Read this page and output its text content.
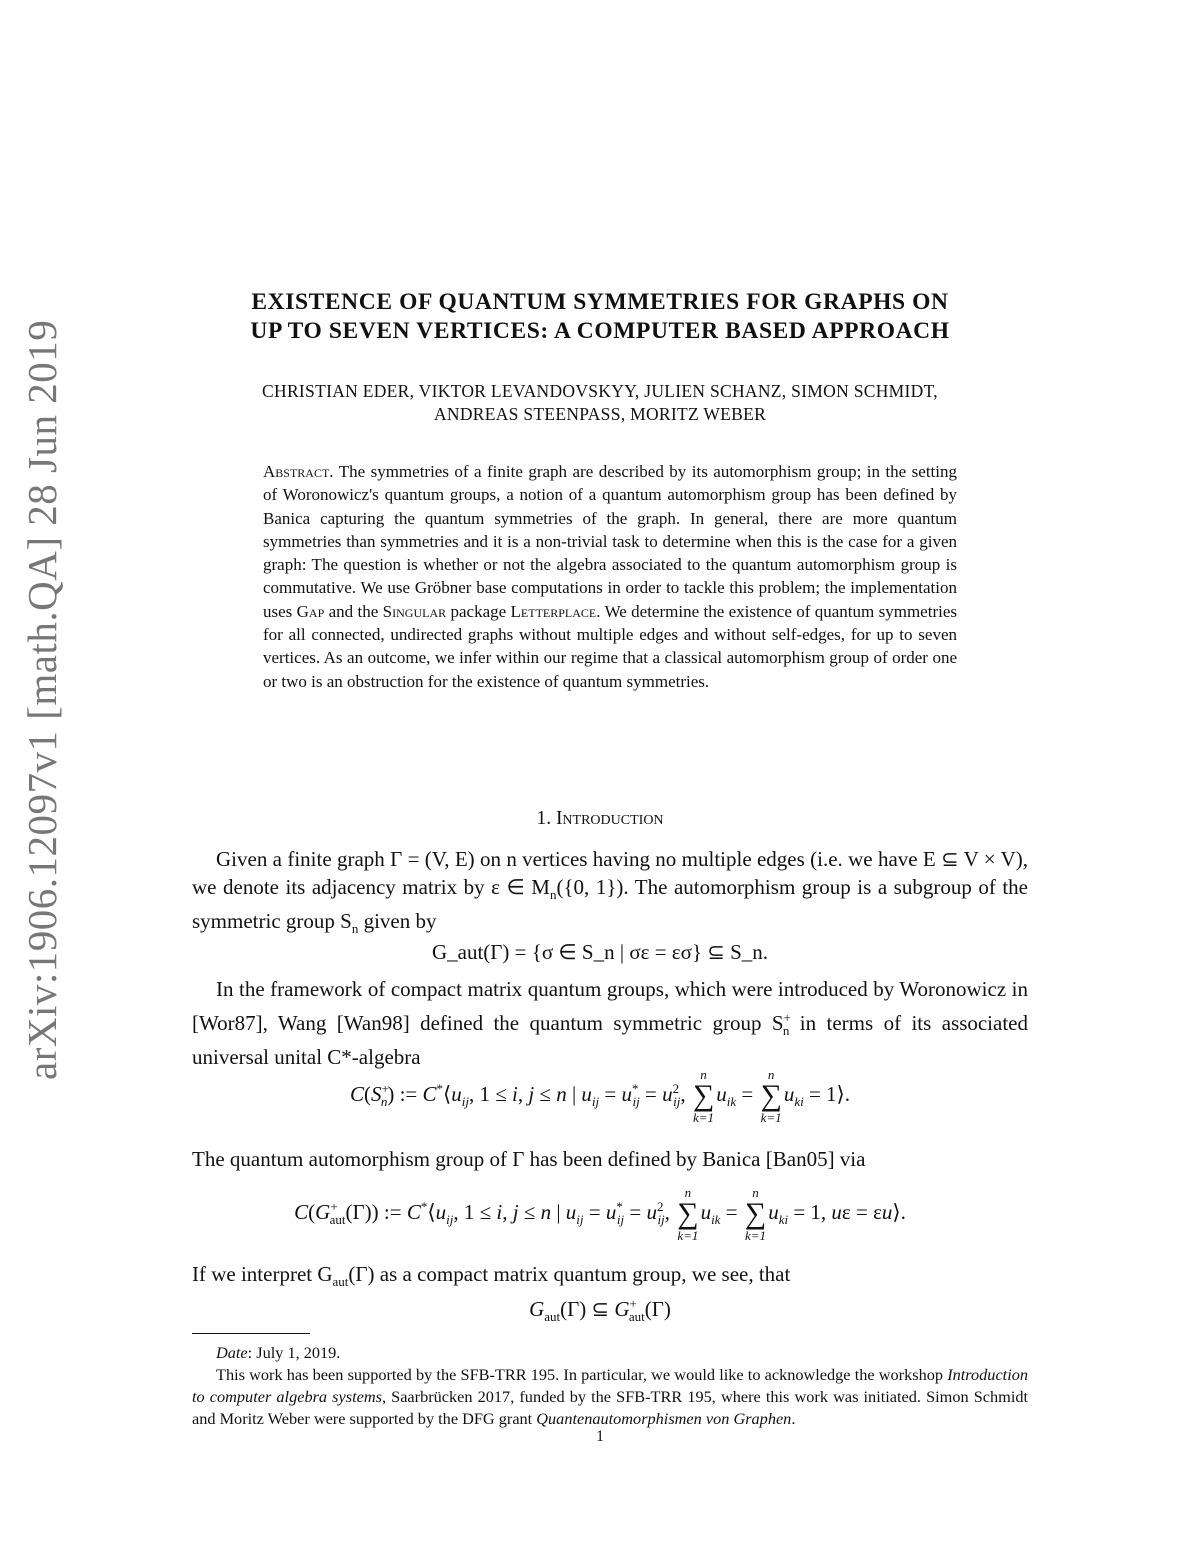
arXiv:1906.12097v1 [math.QA] 28 Jun 2019
EXISTENCE OF QUANTUM SYMMETRIES FOR GRAPHS ON
UP TO SEVEN VERTICES: A COMPUTER BASED APPROACH
CHRISTIAN EDER, VIKTOR LEVANDOVSKYY, JULIEN SCHANZ, SIMON SCHMIDT,
ANDREAS STEENPASS, MORITZ WEBER
Abstract. The symmetries of a finite graph are described by its automorphism group; in the setting of Woronowicz's quantum groups, a notion of a quantum automorphism group has been defined by Banica capturing the quantum symmetries of the graph. In general, there are more quantum symmetries than symmetries and it is a non-trivial task to determine when this is the case for a given graph: The question is whether or not the algebra associated to the quantum automorphism group is commutative. We use Gröbner base computations in order to tackle this problem; the implementation uses Gap and the Singular package Letterplace. We determine the existence of quantum symmetries for all connected, undirected graphs without multiple edges and without self-edges, for up to seven vertices. As an outcome, we infer within our regime that a classical automorphism group of order one or two is an obstruction for the existence of quantum symmetries.
1. Introduction
Given a finite graph Γ = (V, E) on n vertices having no multiple edges (i.e. we have E ⊆ V × V), we denote its adjacency matrix by ε ∈ $M_n(\{0$, 1}). The automorphism group is a subgroup of the symmetric group $S_n$ given by
G_aut(Γ) = {σ ∈ S_n | σε = εσ} ⊆ S_n.
In the framework of compact matrix quantum groups, which were introduced by Woronowicz in [Wor87], Wang [Wan98] defined the quantum symmetric group $S^+_n$ in terms of its associated universal unital C*-algebra
$C(S^+_n)$ := $C^*⟨u_{ij}$, 1 ≤ i, j ≤ n | $u_{ij} = u^*_{ij} = u^2_{ij}$,
n
∑
k=1
$u_{ik}$ =
n
∑
k=1
$u_{ki}$ = 1⟩.
The quantum automorphism group of Γ has been defined by Banica [Ban05] via
$C(G^+_{aut}(\Gamma))$ := $C^*⟨u_{ij}$, 1 ≤ i, j ≤ n | $u_{ij} = u^*_{ij} = u^2_{ij}$,
n
∑
k=1
$u_{ik}$ =
n
∑
k=1
$u_{ki} = 1$, uε = εu⟩.
If we interpret $G_{aut}(\Gamma)$ as a compact matrix quantum group, we see, that
$G_{aut}(\Gamma)$ ⊆ $G^+_{aut}(\Gamma)$

Date: July 1, 2019.

This work has been supported by the SFB-TRR 195. In particular, we would like to acknowledge the workshop Introduction to computer algebra systems, Saarbrücken 2017, funded by the SFB-TRR 195, where this work was initiated. Simon Schmidt and Moritz Weber were supported by the DFG grant Quantenautomorphismen von Graphen.

1
